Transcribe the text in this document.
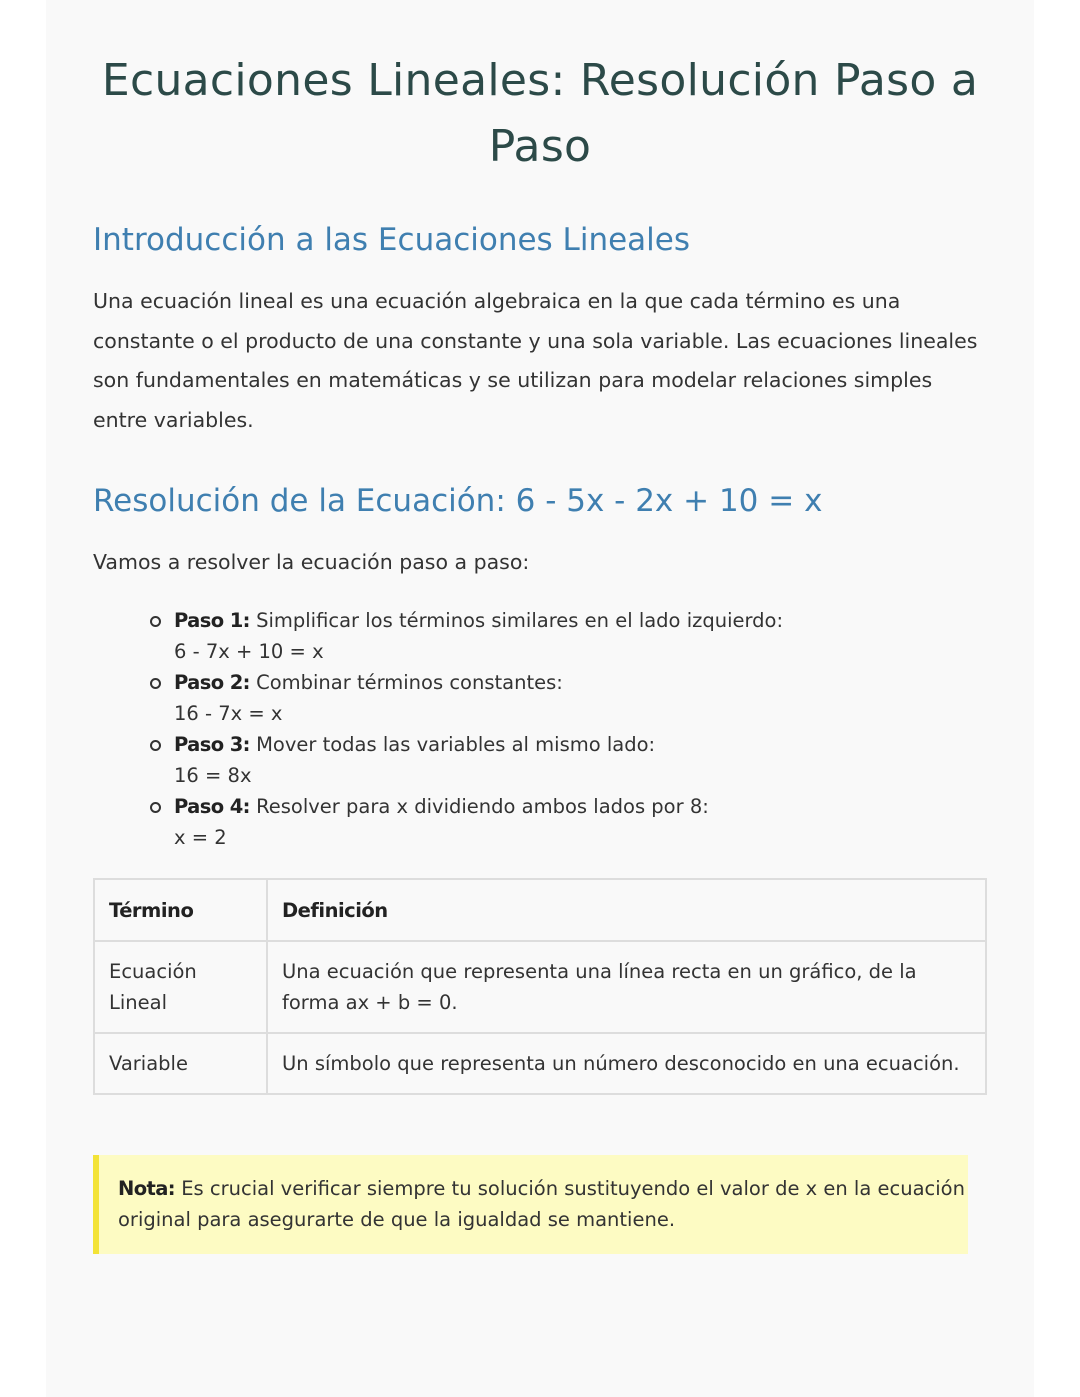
Ecuaciones Lineales: Resolución Paso a Paso
Introducción a las Ecuaciones Lineales

Una ecuación lineal es una ecuación algebraica en la que cada término es una constante o el producto de una constante y una sola variable. Las ecuaciones lineales son fundamentales en matemáticas y se utilizan para modelar relaciones simples entre variables.

Resolución de la Ecuación: 6 - 5x - 2x + 10 = x

Vamos a resolver la ecuación paso a paso:

Paso 1: Simplificar los términos similares en el lado izquierdo:
6 - 7x + 10 = x
Paso 2: Combinar términos constantes:
16 - 7x = x
Paso 3: Mover todas las variables al mismo lado:
16 = 8x
Paso 4: Resolver para x dividiendo ambos lados por 8:
x = 2
Término	Definición
Ecuación Lineal	Una ecuación que representa una línea recta en un gráfico, de la forma ax + b = 0.
Variable	Un símbolo que representa un número desconocido en una ecuación.
Nota: Es crucial verificar siempre tu solución sustituyendo el valor de x en la ecuación original para asegurarte de que la igualdad se mantiene.
